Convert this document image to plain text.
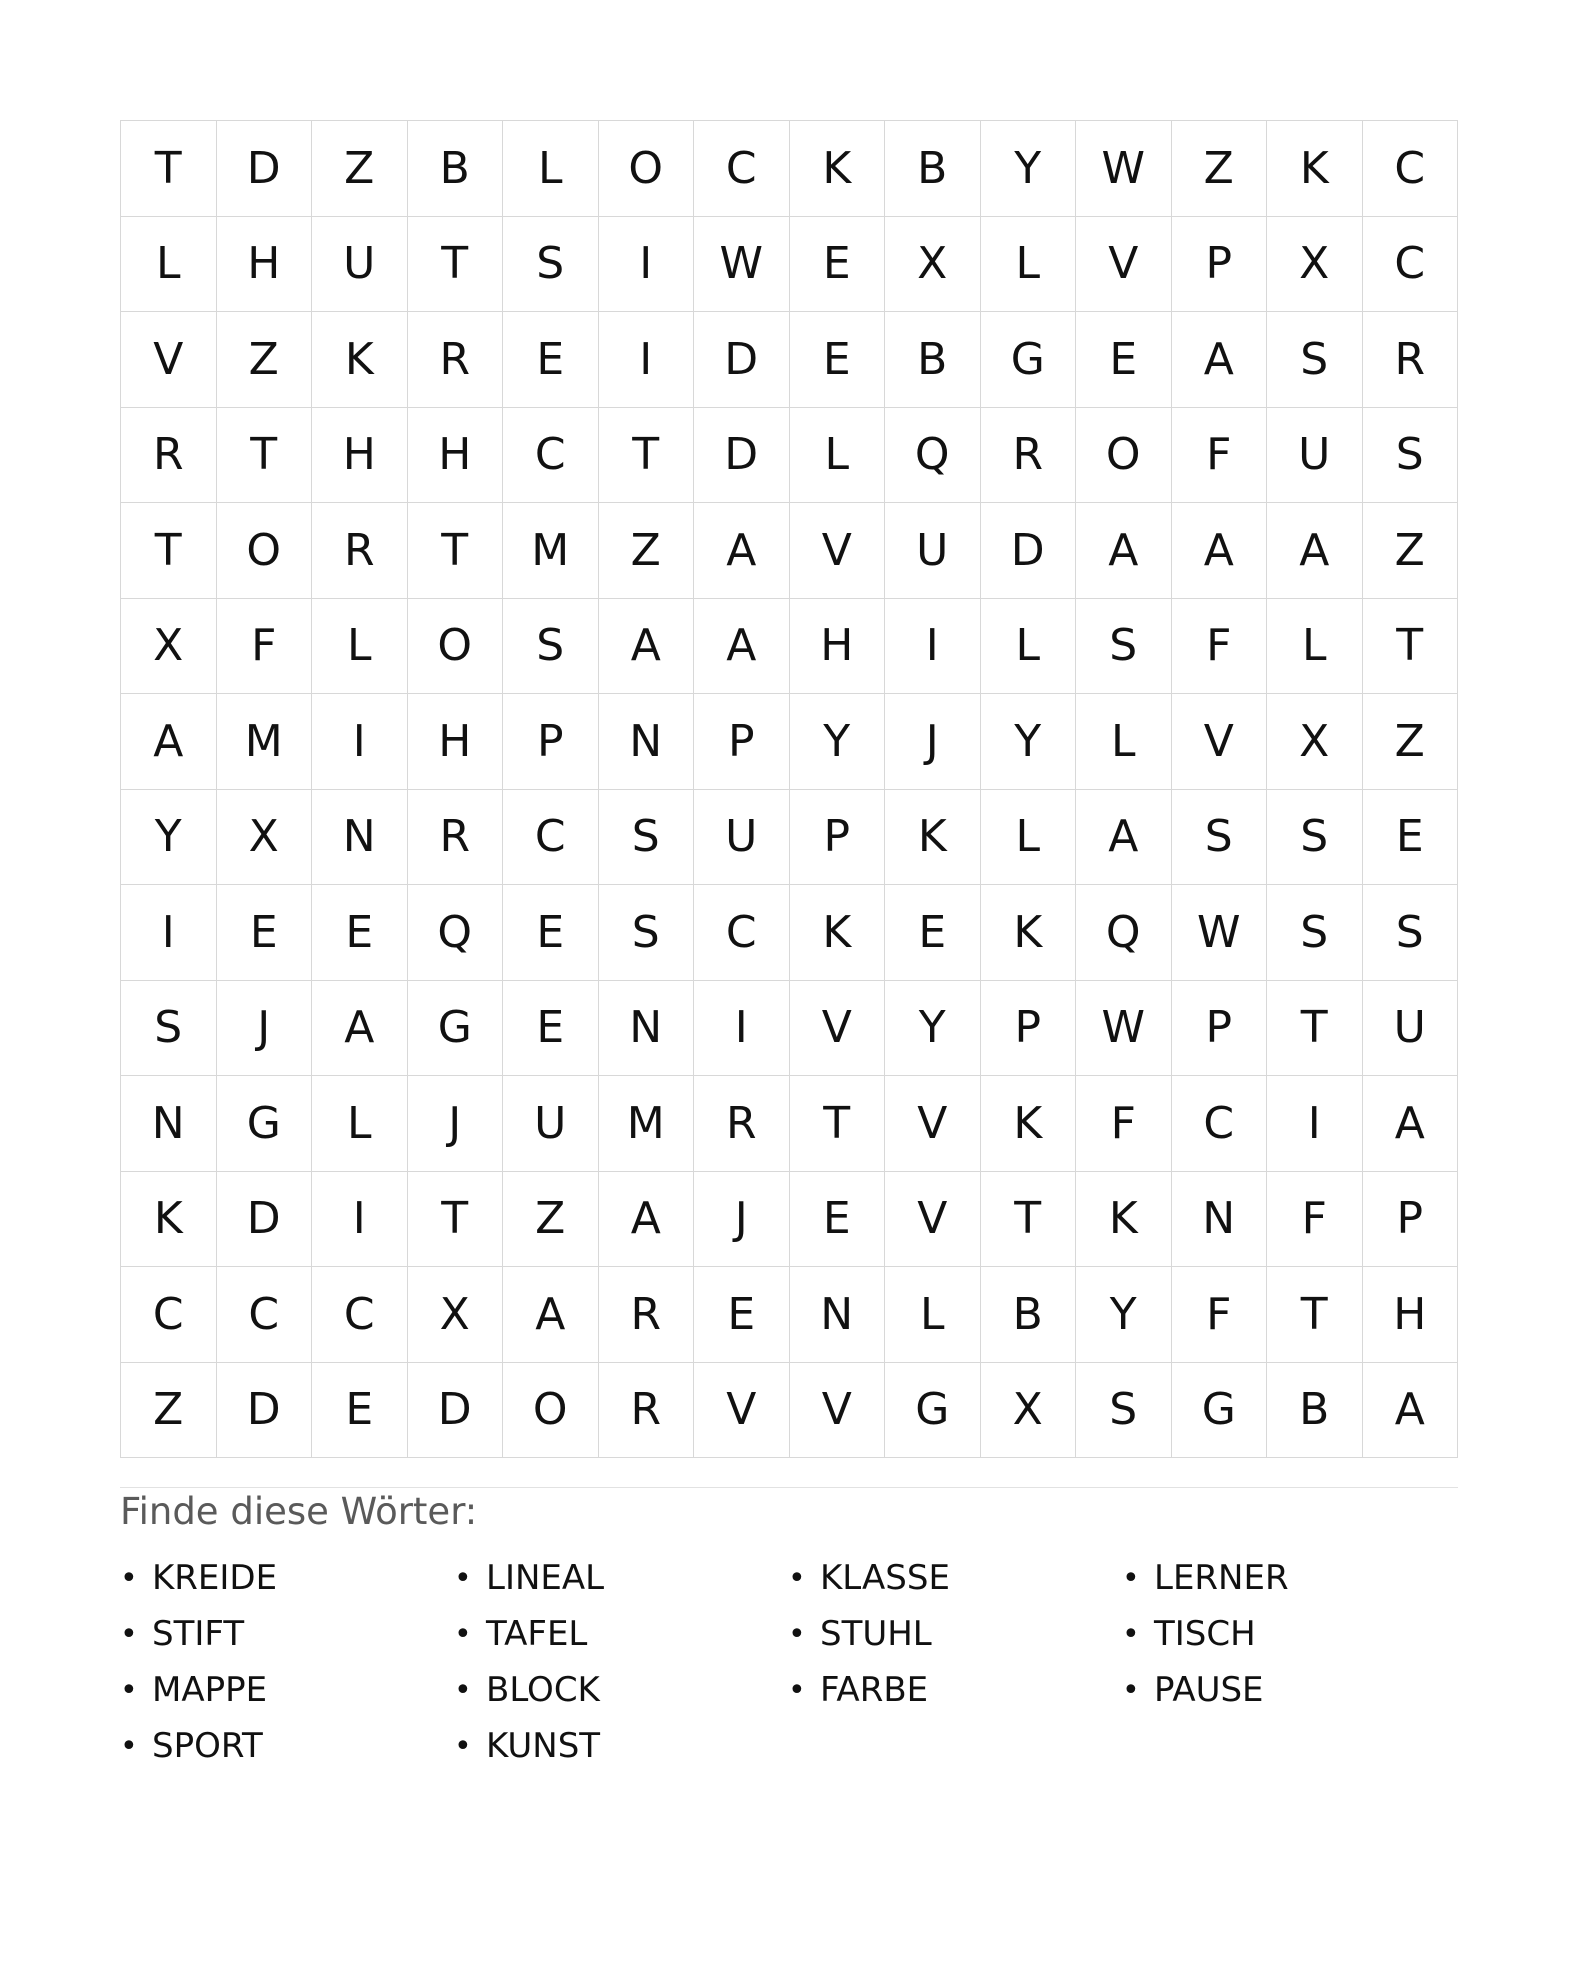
T	D	Z	B	L	O	C	K	B	Y	W	Z	K	C
L	H	U	T	S	I	W	E	X	L	V	P	X	C
V	Z	K	R	E	I	D	E	B	G	E	A	S	R
R	T	H	H	C	T	D	L	Q	R	O	F	U	S
T	O	R	T	M	Z	A	V	U	D	A	A	A	Z
X	F	L	O	S	A	A	H	I	L	S	F	L	T
A	M	I	H	P	N	P	Y	J	Y	L	V	X	Z
Y	X	N	R	C	S	U	P	K	L	A	S	S	E
I	E	E	Q	E	S	C	K	E	K	Q	W	S	S
S	J	A	G	E	N	I	V	Y	P	W	P	T	U
N	G	L	J	U	M	R	T	V	K	F	C	I	A
K	D	I	T	Z	A	J	E	V	T	K	N	F	P
C	C	C	X	A	R	E	N	L	B	Y	F	T	H
Z	D	E	D	O	R	V	V	G	X	S	G	B	A
Finde diese Wörter:
• KREIDE	• LINEAL	• KLASSE	• LERNER
• STIFT	• TAFEL	• STUHL	• TISCH
• MAPPE	• BLOCK	• FARBE	• PAUSE
• SPORT	• KUNST
